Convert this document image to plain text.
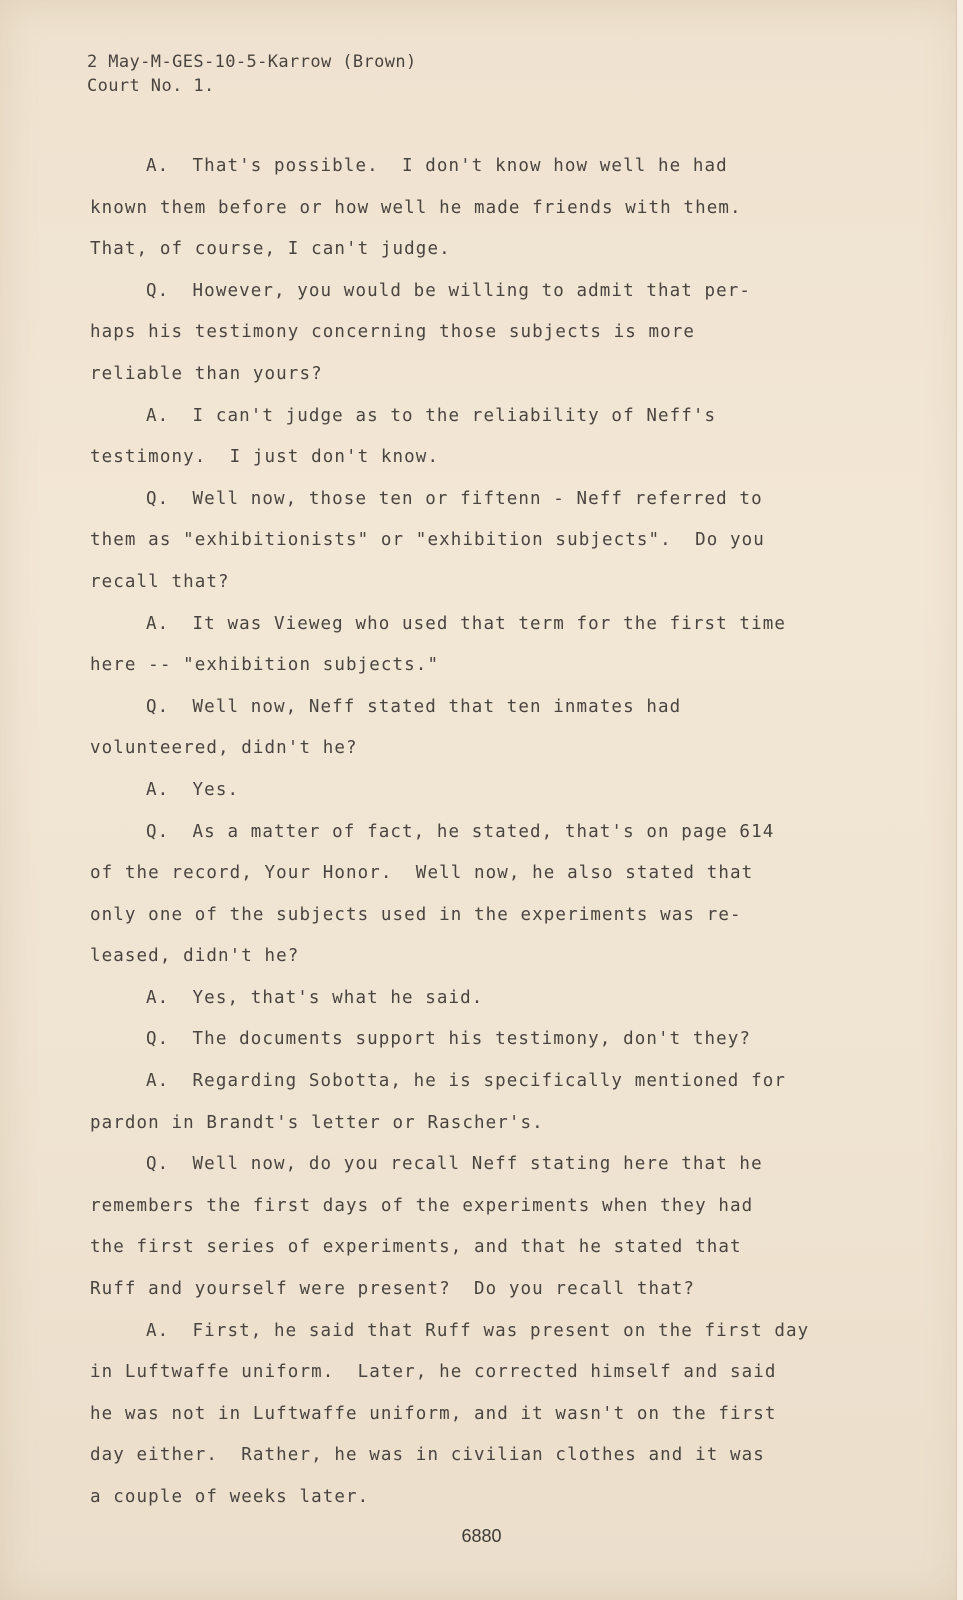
2 May-M-GES-10-5-Karrow (Brown)
Court No. 1.
A.  That's possible.  I don't know how well he had
known them before or how well he made friends with them.
That, of course, I can't judge.
Q.  However, you would be willing to admit that per-
haps his testimony concerning those subjects is more
reliable than yours?
A.  I can't judge as to the reliability of Neff's
testimony.  I just don't know.
Q.  Well now, those ten or fiftenn - Neff referred to
them as "exhibitionists" or "exhibition subjects".  Do you
recall that?
A.  It was Vieweg who used that term for the first time
here -- "exhibition subjects."
Q.  Well now, Neff stated that ten inmates had
volunteered, didn't he?
A.  Yes.
Q.  As a matter of fact, he stated, that's on page 614
of the record, Your Honor.  Well now, he also stated that
only one of the subjects used in the experiments was re-
leased, didn't he?
A.  Yes, that's what he said.
Q.  The documents support his testimony, don't they?
A.  Regarding Sobotta, he is specifically mentioned for
pardon in Brandt's letter or Rascher's.
Q.  Well now, do you recall Neff stating here that he
remembers the first days of the experiments when they had
the first series of experiments, and that he stated that
Ruff and yourself were present?  Do you recall that?
A.  First, he said that Ruff was present on the first day
in Luftwaffe uniform.  Later, he corrected himself and said
he was not in Luftwaffe uniform, and it wasn't on the first
day either.  Rather, he was in civilian clothes and it was
a couple of weeks later.
6880
